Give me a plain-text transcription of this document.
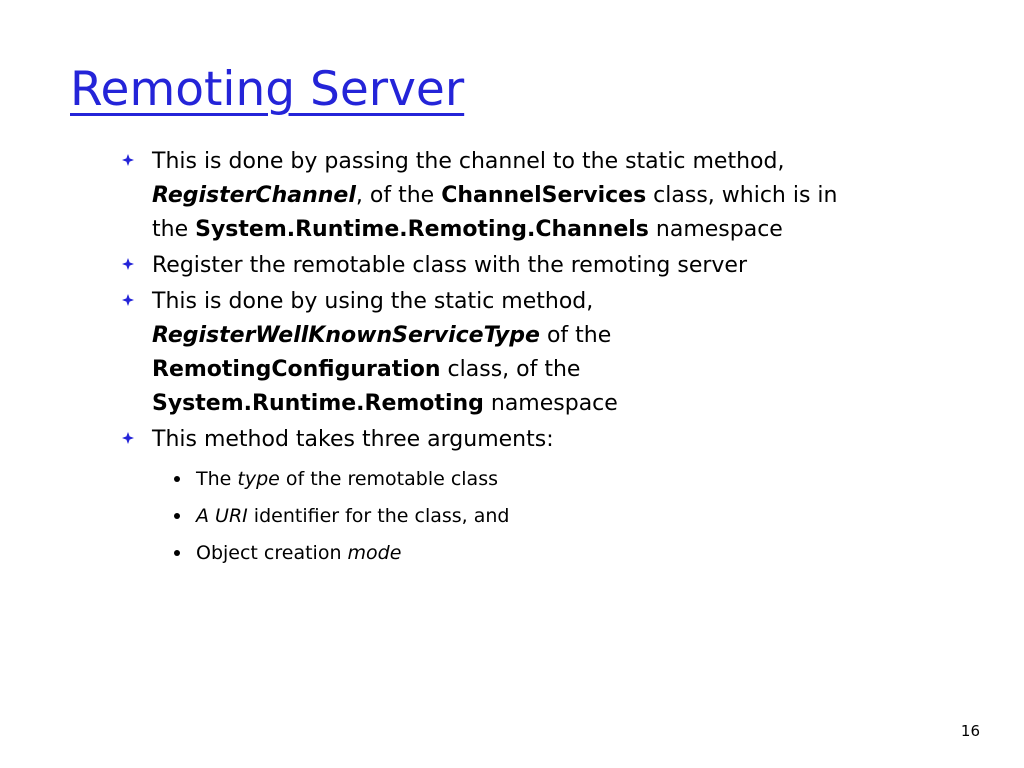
Remoting Server
This is done by passing the channel to the static method,
RegisterChannel, of the ChannelServices class, which is in
the System.Runtime.Remoting.Channels namespace
Register the remotable class with the remoting server
This is done by using the static method,
RegisterWellKnownServiceType of the
RemotingConfiguration class, of the
System.Runtime.Remoting namespace
This method takes three arguments:
The type of the remotable class
A URI identifier for the class, and
Object creation mode
16
